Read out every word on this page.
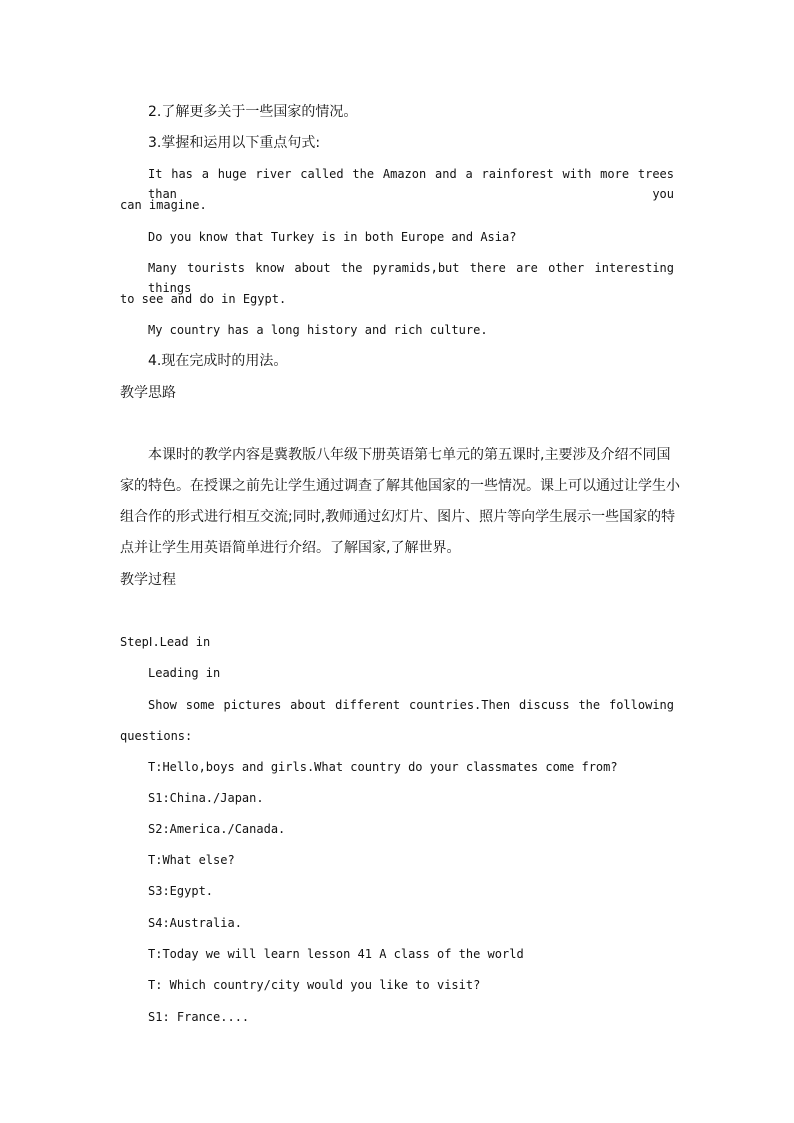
2.了解更多关于一些国家的情况。
3.掌握和运用以下重点句式:
It has a huge river called the Amazon and a rainforest with more trees than you
can imagine.
Do you know that Turkey is in both Europe and Asia?
Many tourists know about the pyramids,but there are other interesting things
to see and do in Egypt.
My country has a long history and rich culture.
4.现在完成时的用法。
教学思路
本课时的教学内容是冀教版八年级下册英语第七单元的第五课时,主要涉及介绍不同国
家的特色。在授课之前先让学生通过调查了解其他国家的一些情况。课上可以通过让学生小
组合作的形式进行相互交流;同时,教师通过幻灯片、图片、照片等向学生展示一些国家的特
点并让学生用英语简单进行介绍。了解国家,了解世界。
教学过程
StepⅠ.Lead in
Leading in
Show some pictures about different countries.Then discuss the following
questions:
T:Hello,boys and girls.What country do your classmates come from?
S1:China./Japan.
S2:America./Canada.
T:What else?
S3:Egypt.
S4:Australia.
T:Today we will learn lesson 41 A class of the world
T: Which country/city would you like to visit?
S1: France....
